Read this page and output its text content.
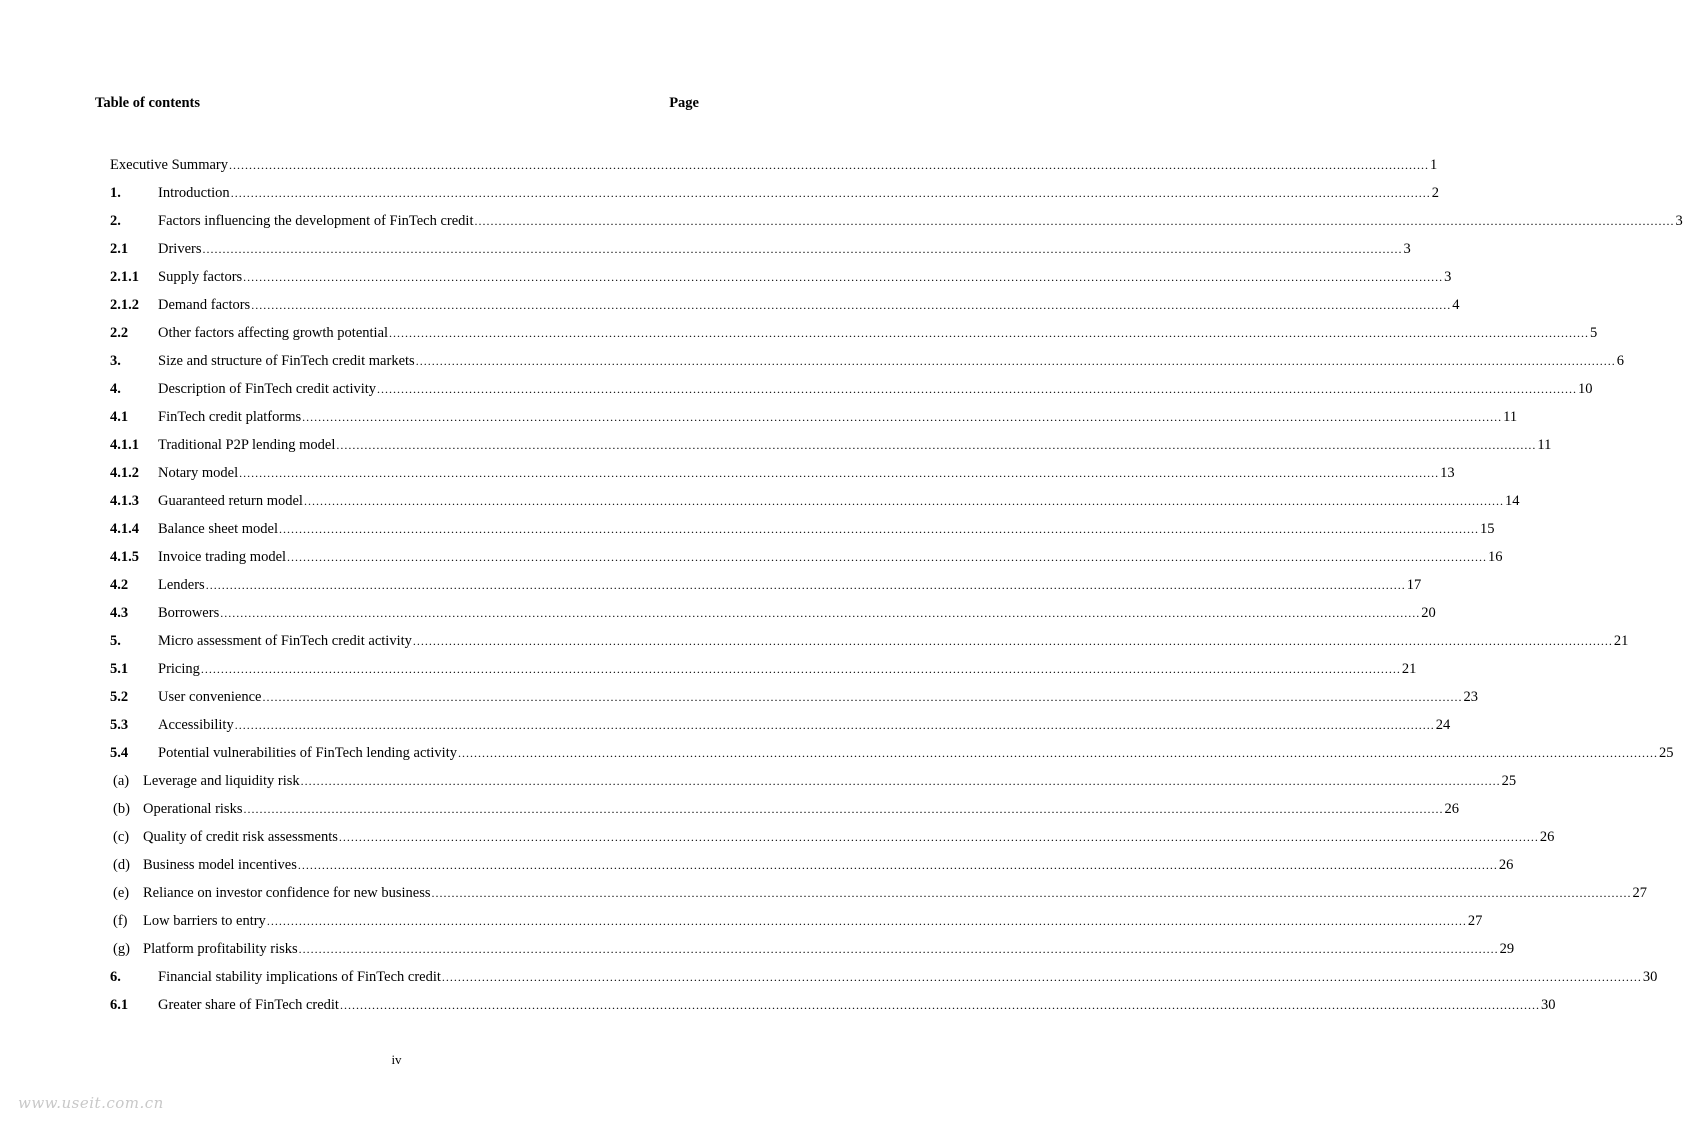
Table of contents	Page
Executive Summary ............................................................................................................................................................................................................................................................................................................ 1
1.	Introduction ............................................................................................................................................................................................................................................................................................................ 2
2.	Factors influencing the development of FinTech credit ............................................................................................................................................................................................................................................................................................................ 3
2.1 Drivers ............................................................................................................................................................................................................................................................................................................ 3
2.1.1 Supply factors ............................................................................................................................................................................................................................................................................................................ 3
2.1.2 Demand factors ............................................................................................................................................................................................................................................................................................................ 4
2.2 Other factors affecting growth potential ............................................................................................................................................................................................................................................................................................................ 5
3.	Size and structure of FinTech credit markets ............................................................................................................................................................................................................................................................................................................ 6
4.	Description of FinTech credit activity ............................................................................................................................................................................................................................................................................................................ 10
4.1 FinTech credit platforms ............................................................................................................................................................................................................................................................................................................ 11
4.1.1 Traditional P2P lending model ............................................................................................................................................................................................................................................................................................................ 11
4.1.2 Notary model ............................................................................................................................................................................................................................................................................................................ 13
4.1.3 Guaranteed return model ............................................................................................................................................................................................................................................................................................................ 14
4.1.4 Balance sheet model ............................................................................................................................................................................................................................................................................................................ 15
4.1.5 Invoice trading model ............................................................................................................................................................................................................................................................................................................ 16
4.2 Lenders ............................................................................................................................................................................................................................................................................................................ 17
4.3 Borrowers ............................................................................................................................................................................................................................................................................................................ 20
5.	Micro assessment of FinTech credit activity ............................................................................................................................................................................................................................................................................................................ 21
5.1 Pricing ............................................................................................................................................................................................................................................................................................................ 21
5.2 User convenience ............................................................................................................................................................................................................................................................................................................ 23
5.3 Accessibility ............................................................................................................................................................................................................................................................................................................ 24
5.4 Potential vulnerabilities of FinTech lending activity ............................................................................................................................................................................................................................................................................................................ 25
(a) Leverage and liquidity risk ............................................................................................................................................................................................................................................................................................................ 25
(b) Operational risks ............................................................................................................................................................................................................................................................................................................ 26
(c) Quality of credit risk assessments ............................................................................................................................................................................................................................................................................................................ 26
(d) Business model incentives ............................................................................................................................................................................................................................................................................................................ 26
(e) Reliance on investor confidence for new business ............................................................................................................................................................................................................................................................................................................ 27
(f) Low barriers to entry ............................................................................................................................................................................................................................................................................................................ 27
(g) Platform profitability risks ............................................................................................................................................................................................................................................................................................................ 29
6.	Financial stability implications of FinTech credit ............................................................................................................................................................................................................................................................................................................ 30
6.1 Greater share of FinTech credit ............................................................................................................................................................................................................................................................................................................ 30
iv
www.useit.com.cn
